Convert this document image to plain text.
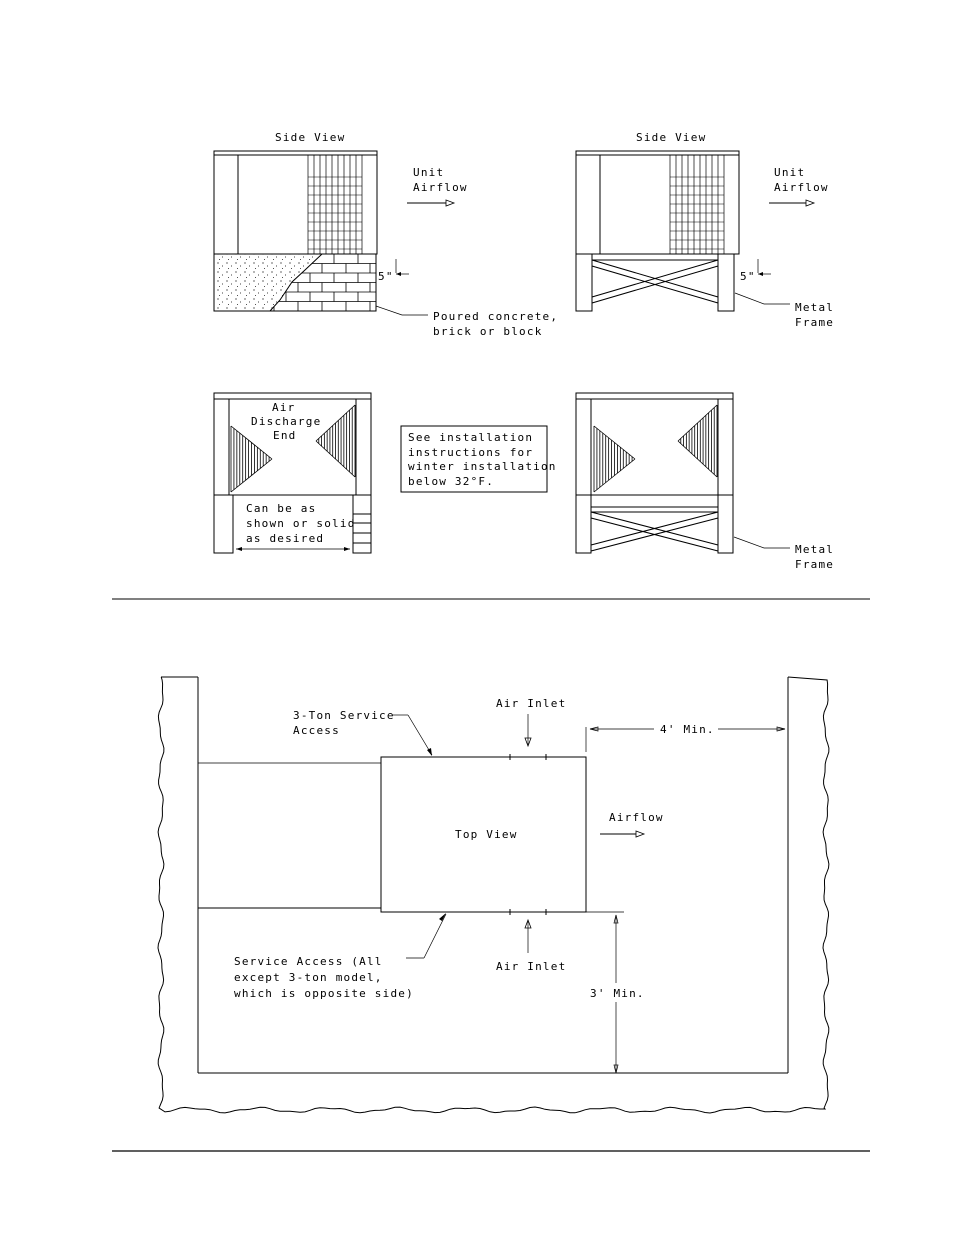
Side View
Unit
Airflow
5"
Poured concrete,
brick or block
Side View
Unit
Airflow
5"
Metal
Frame
Air
Discharge
End
Can be as
shown or solid
as desired
See installation
instructions for
winter installation
below 32°F.
Metal
Frame
Top View
3-Ton Service
Access
Air Inlet
4' Min.
Airflow
Service Access (All
except 3-ton model,
which is opposite side)
Air Inlet
3' Min.
